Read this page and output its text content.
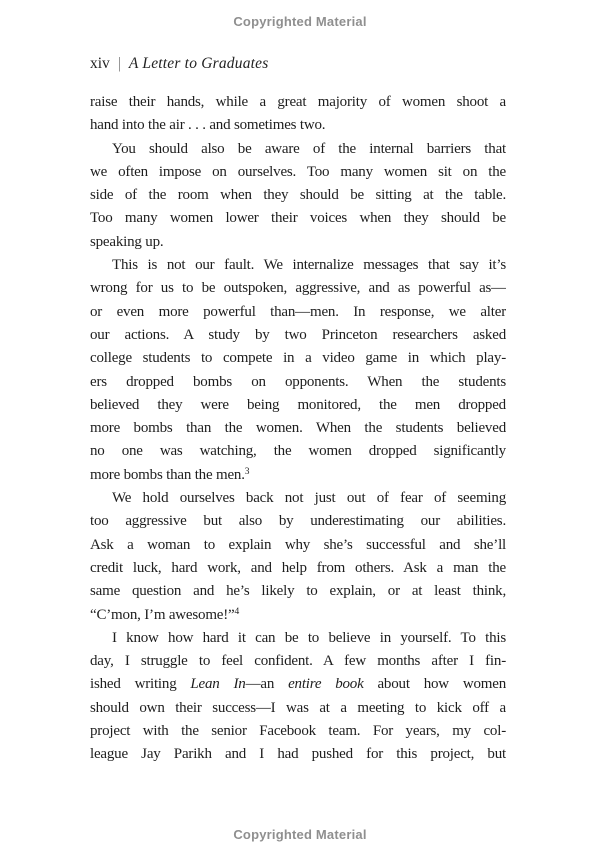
Copyrighted Material
xiv | A Letter to Graduates
raise their hands, while a great majority of women shoot a
hand into the air . . . and sometimes two.
You should also be aware of the internal barriers that
we often impose on ourselves. Too many women sit on the
side of the room when they should be sitting at the table.
Too many women lower their voices when they should be
speaking up.
This is not our fault. We internalize messages that say it’s
wrong for us to be outspoken, aggressive, and as powerful as—
or even more powerful than—men. In response, we alter
our actions. A study by two Princeton researchers asked
college students to compete in a video game in which play-
ers dropped bombs on opponents. When the students
believed they were being monitored, the men dropped
more bombs than the women. When the students believed
no one was watching, the women dropped significantly
more bombs than the men.$^3$
We hold ourselves back not just out of fear of seeming
too aggressive but also by underestimating our abilities.
Ask a woman to explain why she’s successful and she’ll
credit luck, hard work, and help from others. Ask a man the
same question and he’s likely to explain, or at least think,
“C’mon, I’m awesome!”$^4$
I know how hard it can be to believe in yourself. To this
day, I struggle to feel confident. A few months after I fin-
ished writing Lean In—an entire book about how women
should own their success—I was at a meeting to kick off a
project with the senior Facebook team. For years, my col-
league Jay Parikh and I had pushed for this project, but
Copyrighted Material
